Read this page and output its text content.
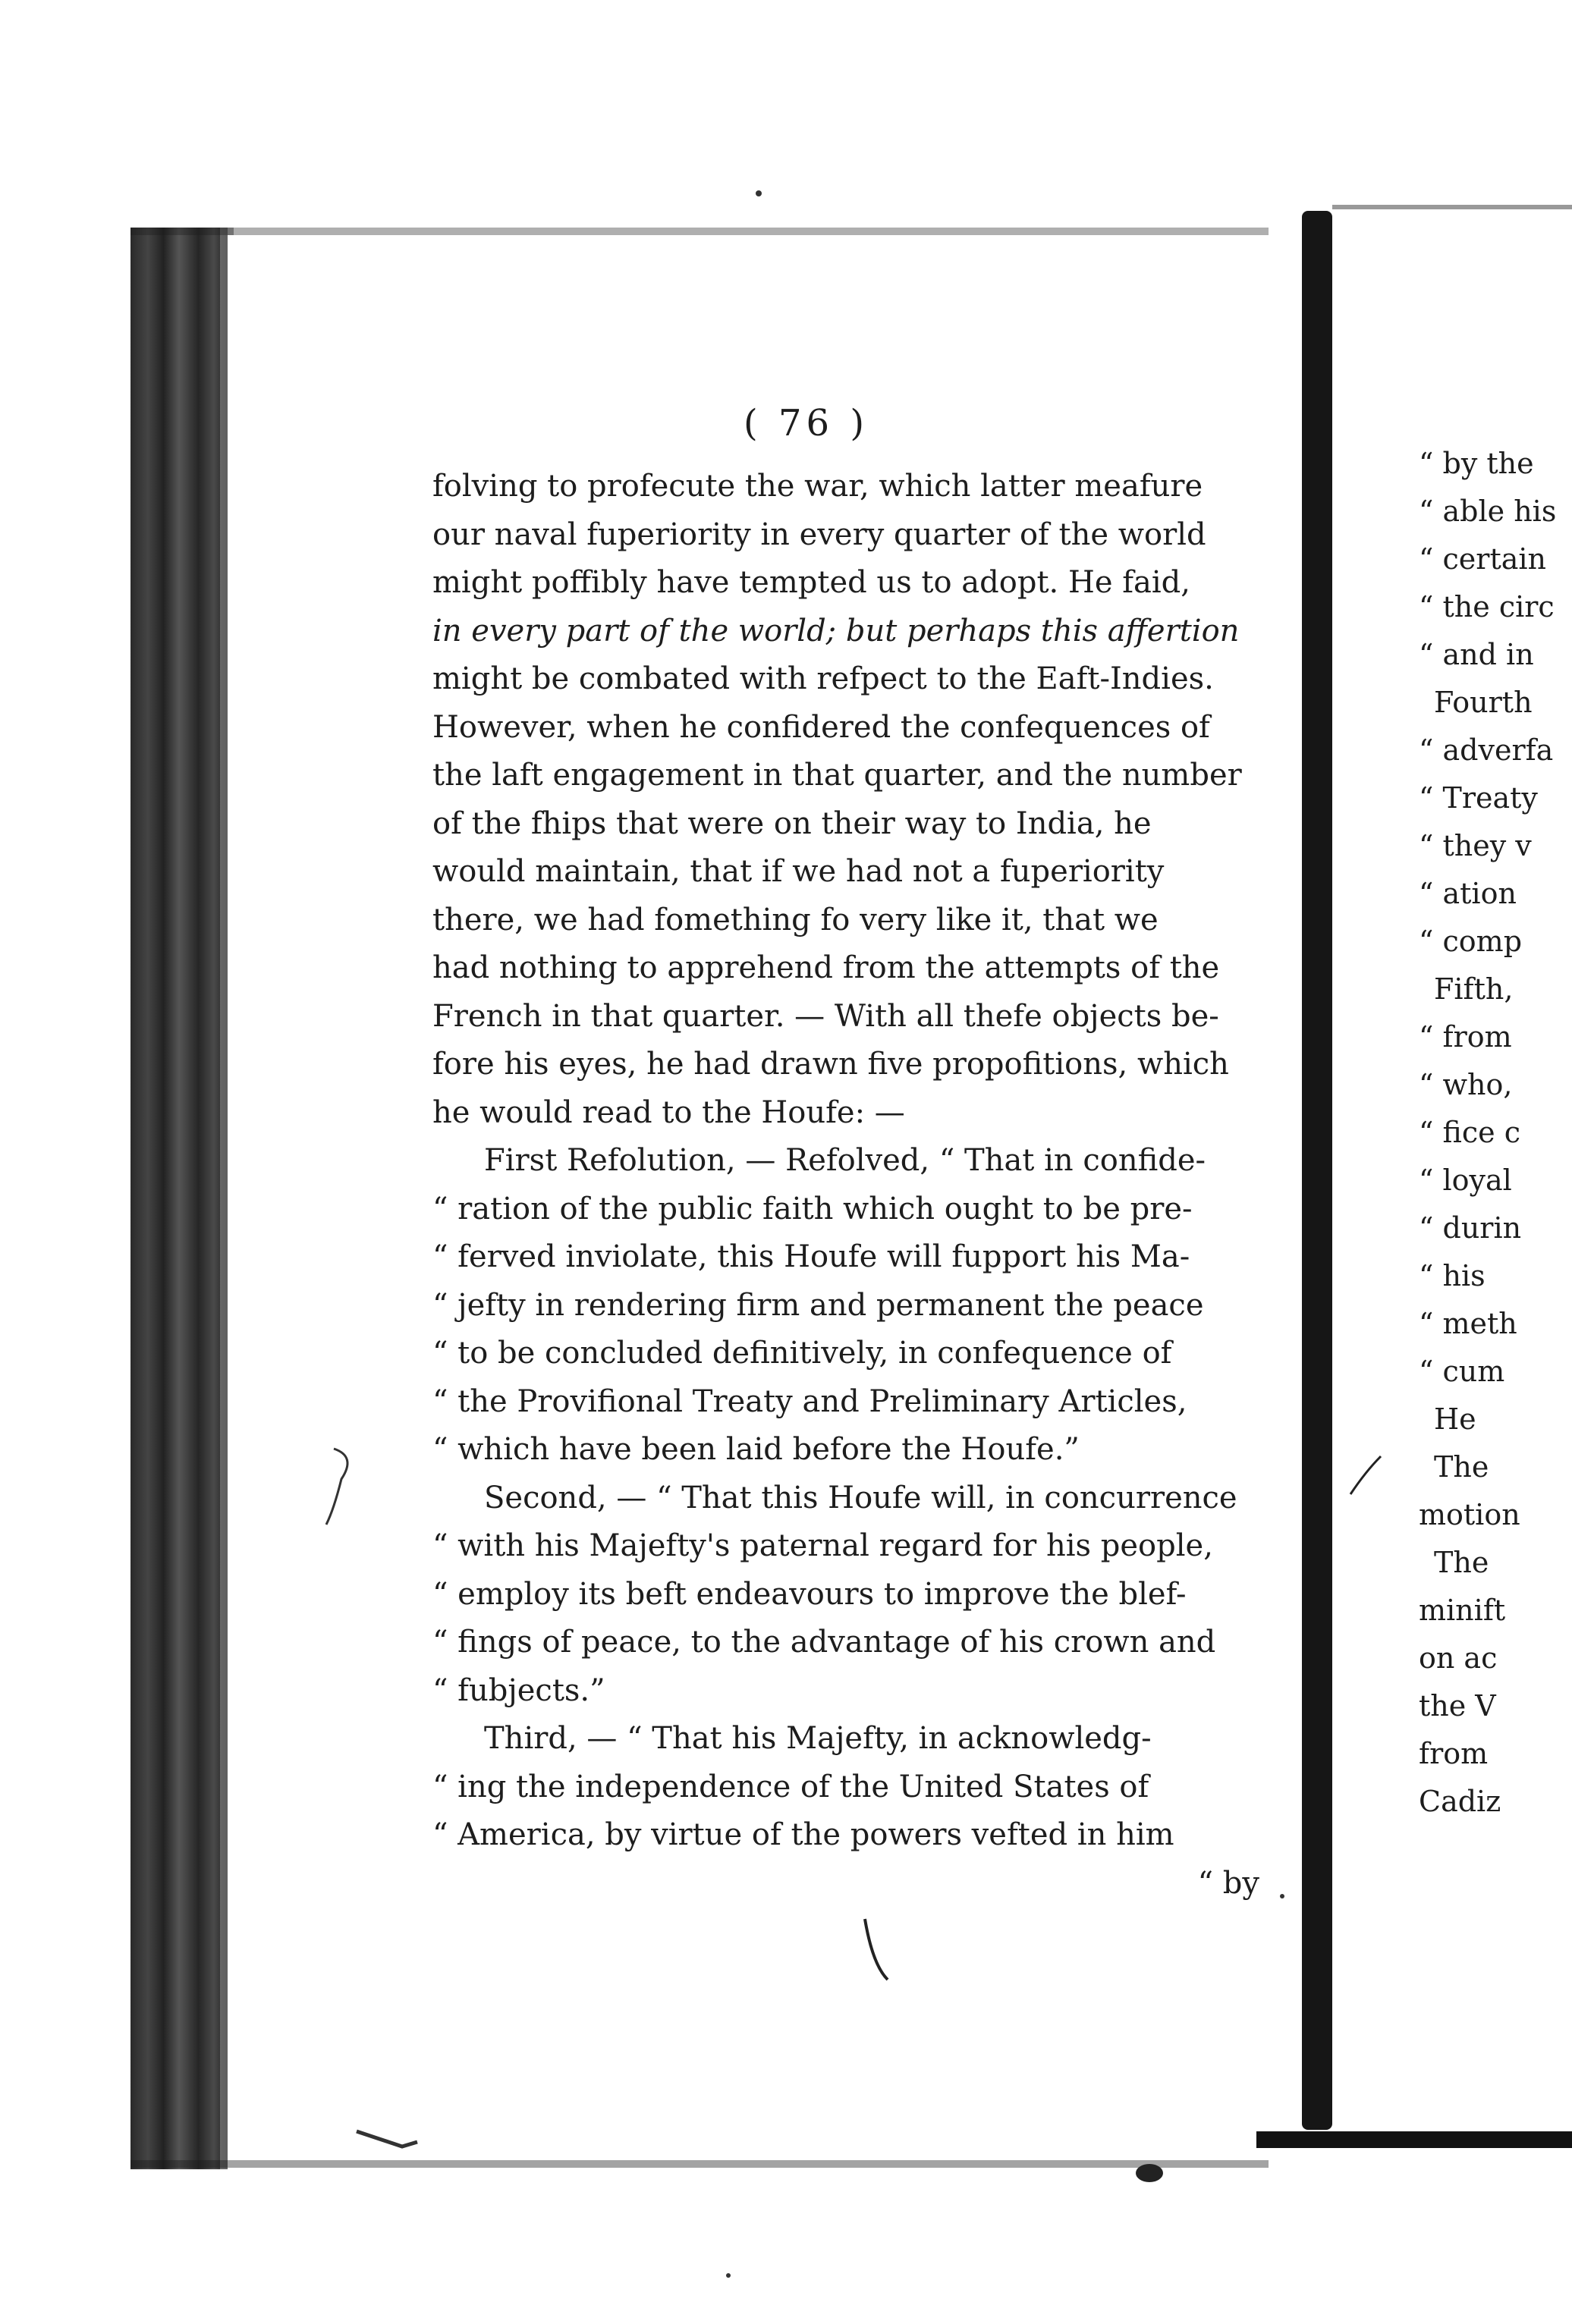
( 76 )
folving to profecute the war, which latter meafure
our naval fuperiority in every quarter of the world
might poffibly have tempted us to adopt. He faid,
in every part of the world; but perhaps this affertion
might be combated with refpect to the Eaft-Indies.
However, when he confidered the confequences of
the laft engagement in that quarter, and the number
of the fhips that were on their way to India, he
would maintain, that if we had not a fuperiority
there, we had fomething fo very like it, that we
had nothing to apprehend from the attempts of the
French in that quarter. — With all thefe objects be-
fore his eyes, he had drawn five propofitions, which
he would read to the Houfe: —
First Refolution, — Refolved, “ That in confide-
“ ration of the public faith which ought to be pre-
“ ferved inviolate, this Houfe will fupport his Ma-
“ jefty in rendering firm and permanent the peace
“ to be concluded definitively, in confequence of
“ the Provifional Treaty and Preliminary Articles,
“ which have been laid before the Houfe.”
Second, — “ That this Houfe will, in concurrence
“ with his Majefty's paternal regard for his people,
“ employ its beft endeavours to improve the blef-
“ fings of peace, to the advantage of his crown and
“ fubjects.”
Third, — “ That his Majefty, in acknowledg-
“ ing the independence of the United States of
“ America, by virtue of the powers vefted in him
“ by
“ by the
“ able his
“ certain
“ the circ
“ and in
Fourth
“ adverfa
“ Treaty
“ they v
“ ation
“ comp
Fifth,
“ from
“ who,
“ fice c
“ loyal
“ durin
“ his
“ meth
“ cum
He
The
motion
The
minift
on ac
the V
from
Cadiz
